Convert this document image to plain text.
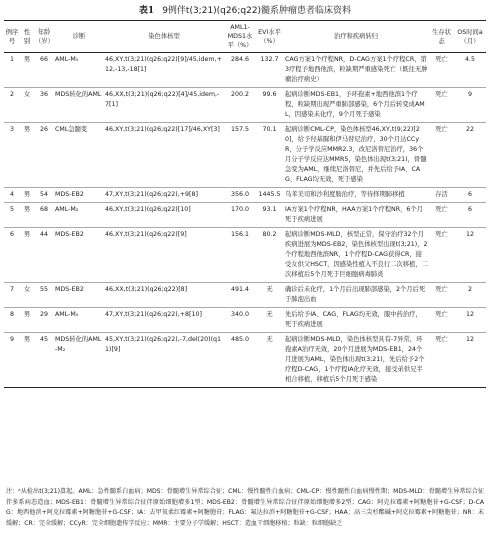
表1 9例伴t(3;21)(q26;q22)髓系肿瘤患者临床资料
例序号	性别	年龄（岁）	诊断	染色体核型	AML1-MDS1水平（%）	EVI水平（%）	治疗和疾病转归	生存状态	OS时间a（月）
1	男	66	AML-M₅	46,XY,t(3;21)(q26;q22)[9]/45,idem,+12,-13,-18[1]	284.6	132.7	CAG方案1个疗程NR，D-CAG方案1个疗程CR，第3疗程予地西他滨，粒缺期严重感染死亡（既往无肿瘤治疗病史）	死亡	4.5
2	女	36	MDS转化的AML	46,XX,t(3;21)(q26;q22)[4]/45,idem,-7[1]	200.2	99.6	起病诊断MDS-EB1，予环孢素+地西他滨1个疗程，粒缺期出现严重肺部感染，6个月后转变成AML，因感染未化疗，9个月死于感染	死亡	9
3	男	26	CML急髓变	46,XY,t(3;21)(q26;q22)[17]/46,XY[3]	157.5	70.1	起病诊断CML-CP，染色体核型46,XY,t(9;22)[20]，给予羟基脲和伊马替尼治疗，30个月达CCyR，分子学反应MMR2.3，改尼洛替尼治疗，36个月分子学反应达MMR5，染色体出现t(3;21)，骨髓急变为AML，继续尼洛替尼，并先后给予IA、CAG、FLAG均无效，死于感染	死亡	22
4	男	54	MDS-EB2	47,XY,t(3;21)(q26;q22),+9[8]	356.0	1445.5	乌苯美司和沙利度胺治疗，等待择期肺移植	存活	6
5	男	68	AML-M₂	46,XY,t(3;21)(q26;q22)[10]	170.0	93.1	IA方案1个疗程NR，HAA方案1个疗程NR，6个月死于疾病进展	死亡	6
6	男	44	MDS-EB2	46,XY,t(3;21)(q26;q22)[9]	156.1	80.2	起病诊断MDS-MLD，核型正常，保守治疗32个月疾病进展为MDS-EB2，染色体核型出现t(3;21)，2个疗程地西他滨NR，1个疗程D-CAG获得CR，接受女供父HSCT，因感染性植入不良行二次移植，二次移植后5个月死于巨细胞病毒肺炎	死亡	12
7	女	55	MDS-EB2	46,XX,t(3;21)(q26;q22)[8]	491.4	无	确诊后未化疗，1个月后出现肺部感染，2个月后死于肺泡出血	死亡	2
8	男	29	AML-M₅	47,XY,t(3;21)(q26;q22),+8[10]	340.0	无	先后给予IA、CAG、FLAG均无效，服中药治疗，死于疾病进展	死亡	12
9	男	45	MDS转化的AML-M₂	45,XY,t(3;21)(q26;q22),-7,del(20)(q11)[9]	485.0	无	起病诊断MDS-MLD，染色体核型具有-7异常，环孢素A治疗无效，20个月进展为MDS-EB1，24个月进展为AML，染色体出现t(3;21)，先后给予2个疗程D-CAG，1个疗程IA化疗无效，接受弟供兄半相合移植，移植后5个月死于感染	死亡	12
注：ᵃ从检出t(3;21)算起。AML：急性髓系白血病；MDS：骨髓增生异常综合征；CML：慢性髓性白血病；CML-CP：慢性髓性白血病慢性期；MDS-MLD：骨髓增生异常综合征伴多系病态造血；MDS-EB1：骨髓增生异常综合征伴原始细胞增多1型；MDS-EB2：骨髓增生异常综合征伴原始细胞增多2型；CAG：阿克拉霉素+阿糖胞苷+G-CSF；D-CAG：地西他滨+阿克拉霉素+阿糖胞苷+G-CSF；IA：去甲氧柔红霉素+阿糖胞苷；FLAG：氟达拉滨+阿糖胞苷+G-CSF；HAA：高三尖杉酯碱+阿克拉霉素+阿糖胞苷；NR：未缓解；CR：完全缓解；CCyR：完全细胞遗传学反应；MMR：主要分子学缓解；HSCT：造血干细胞移植；粒缺：粒细胞缺乏
